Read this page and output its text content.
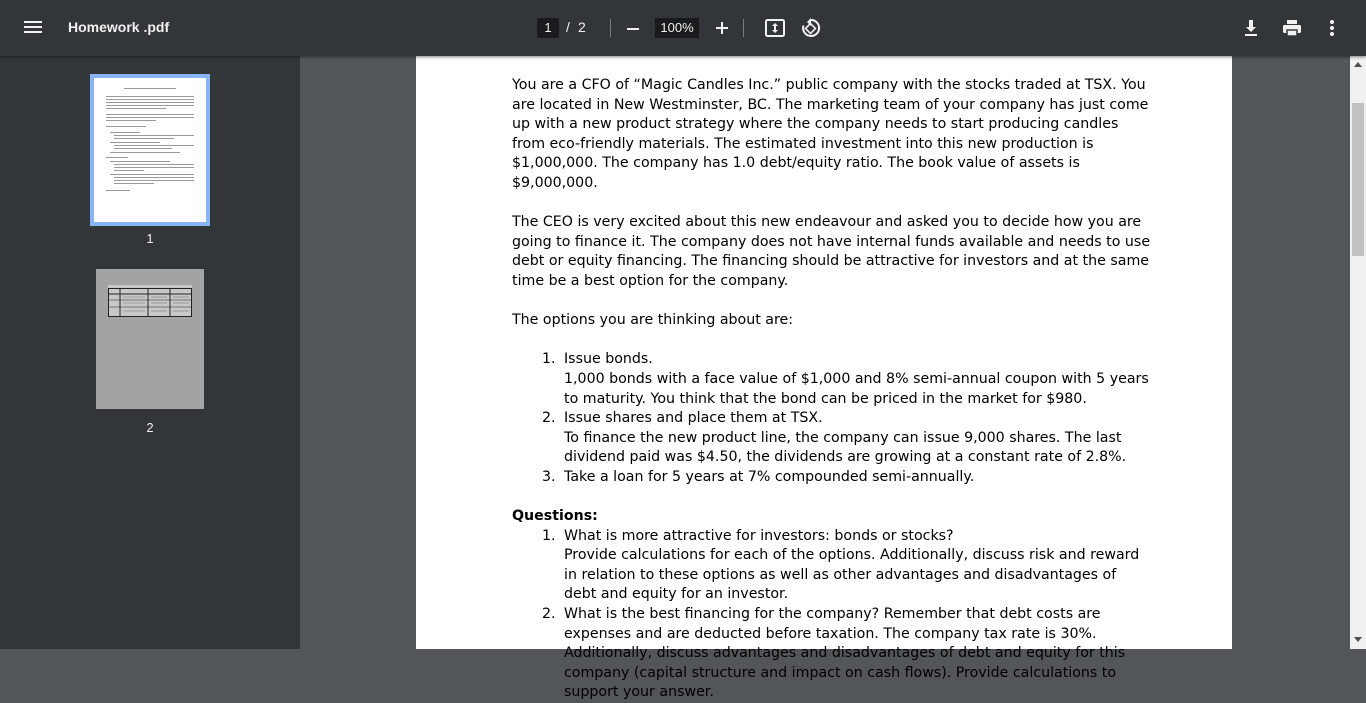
Homework .pdf	1	/ 2	100%
1
2

You are a CFO of “Magic Candles Inc.” public company with the stocks traded at TSX. You are located in New Westminster, BC. The marketing team of your company has just come up with a new product strategy where the company needs to start producing candles from eco-friendly materials. The estimated investment into this new production is $1,000,000. The company has 1.0 debt/equity ratio. The book value of assets is $9,000,000.

The CEO is very excited about this new endeavour and asked you to decide how you are going to finance it. The company does not have internal funds available and needs to use debt or equity financing. The financing should be attractive for investors and at the same time be a best option for the company.

The options you are thinking about are:

1. Issue bonds.
1,000 bonds with a face value of $1,000 and 8% semi-annual coupon with 5 years to maturity. You think that the bond can be priced in the market for $980.
2. Issue shares and place them at TSX.
To finance the new product line, the company can issue 9,000 shares. The last dividend paid was $4.50, the dividends are growing at a constant rate of 2.8%.
3. Take a loan for 5 years at 7% compounded semi-annually.

Questions:

1. What is more attractive for investors: bonds or stocks?
Provide calculations for each of the options. Additionally, discuss risk and reward in relation to these options as well as other advantages and disadvantages of debt and equity for an investor.
2. What is the best financing for the company? Remember that debt costs are expenses and are deducted before taxation. The company tax rate is 30%.
Additionally, discuss advantages and disadvantages of debt and equity for this company (capital structure and impact on cash flows). Provide calculations to support your answer.
